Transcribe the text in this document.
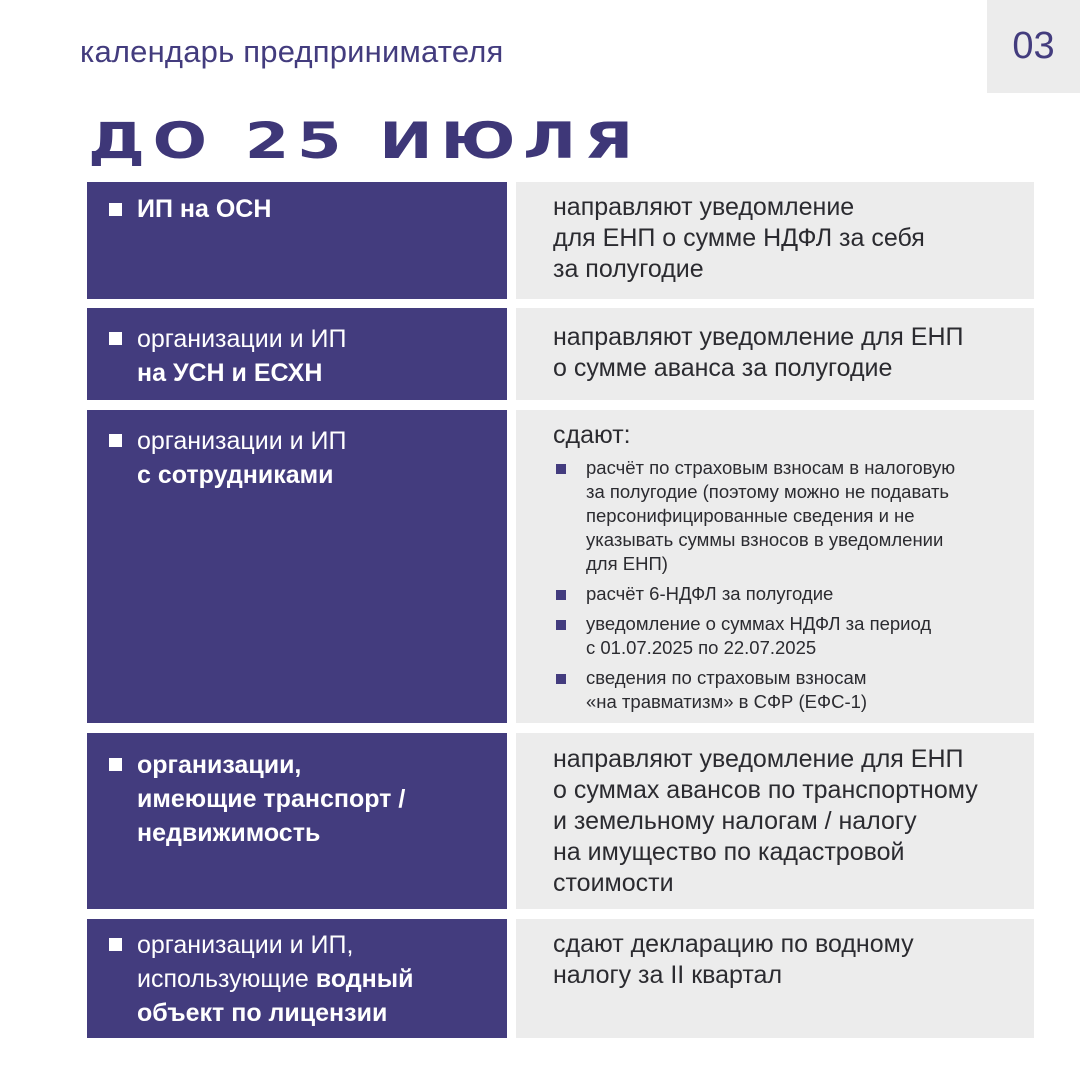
календарь предпринимателя	03
ДО 25 ИЮЛЯ
ИП на ОСН	направляют уведомление
для ЕНП о сумме НДФЛ за себя
за полугодие
организации и ИП
на УСН и ЕСХН
направляют уведомление для ЕНП
о сумме аванса за полугодие
организации и ИП
с сотрудниками
сдают:
расчёт по страховым взносам в налоговую
за полугодие (поэтому можно не подавать
персонифицированные сведения и не
указывать суммы взносов в уведомлении
для ЕНП)
расчёт 6-НДФЛ за полугодие
уведомление о суммах НДФЛ за период
с 01.07.2025 по 22.07.2025
сведения по страховым взносам
«на травматизм» в СФР (ЕФС-1)
организации,
имеющие транспорт /
недвижимость
направляют уведомление для ЕНП
о суммах авансов по транспортному
и земельному налогам / налогу
на имущество по кадастровой
стоимости
организации и ИП,
использующие водный
объект по лицензии
сдают декларацию по водному
налогу за II квартал
